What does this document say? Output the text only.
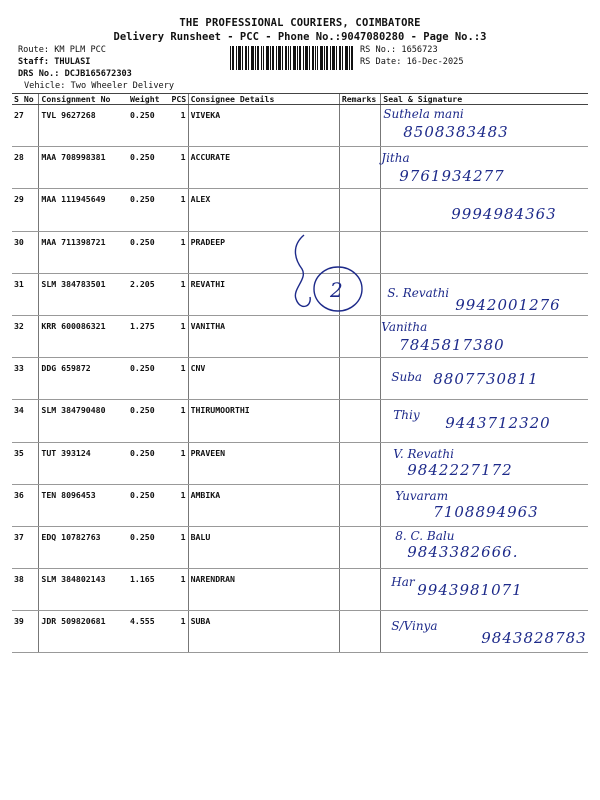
THE PROFESSIONAL COURIERS, COIMBATORE
Delivery Runsheet - PCC - Phone No.:9047080280 - Page No.:3
Route: KM PLM PCC
Staff: THULASI
DRS No.: DCJB165672303
Vehicle: Two Wheeler Delivery
RS No.: 1656723
RS Date: 16-Dec-2025
S No	Consignment No	Weight	PCS	Consignee Details	Remarks	Seal & Signature
27	TVL 9627268	0.250	1	VIVEKA		Suthela mani
8508383483

28	MAA 708998381	0.250	1	ACCURATE		Jitha
9761934277

29	MAA 111945649	0.250	1	ALEX		9994984363

30	MAA 711398721	0.250	1	PRADEEP		
31	SLM 384783501	2.205	1	REVATHI		S. Revathi
9942001276

32	KRR 600086321	1.275	1	VANITHA		Vanitha
7845817380

33	DDG 659872	0.250	1	CNV		Suba 8807730811

34	SLM 384790480	0.250	1	THIRUMOORTHI		Thiy 9443712320

35	TUT 393124	0.250	1	PRAVEEN		V. Revathi
9842227172

36	TEN 8096453	0.250	1	AMBIKA		Yuvaram
7108894963

37	EDQ 10782763	0.250	1	BALU		8. C. Balu
9843382666.

38	SLM 384802143	1.165	1	NARENDRAN		Har 9943981071

39	JDR 509820681	4.555	1	SUBA		S/Vinya
9843828783
2
